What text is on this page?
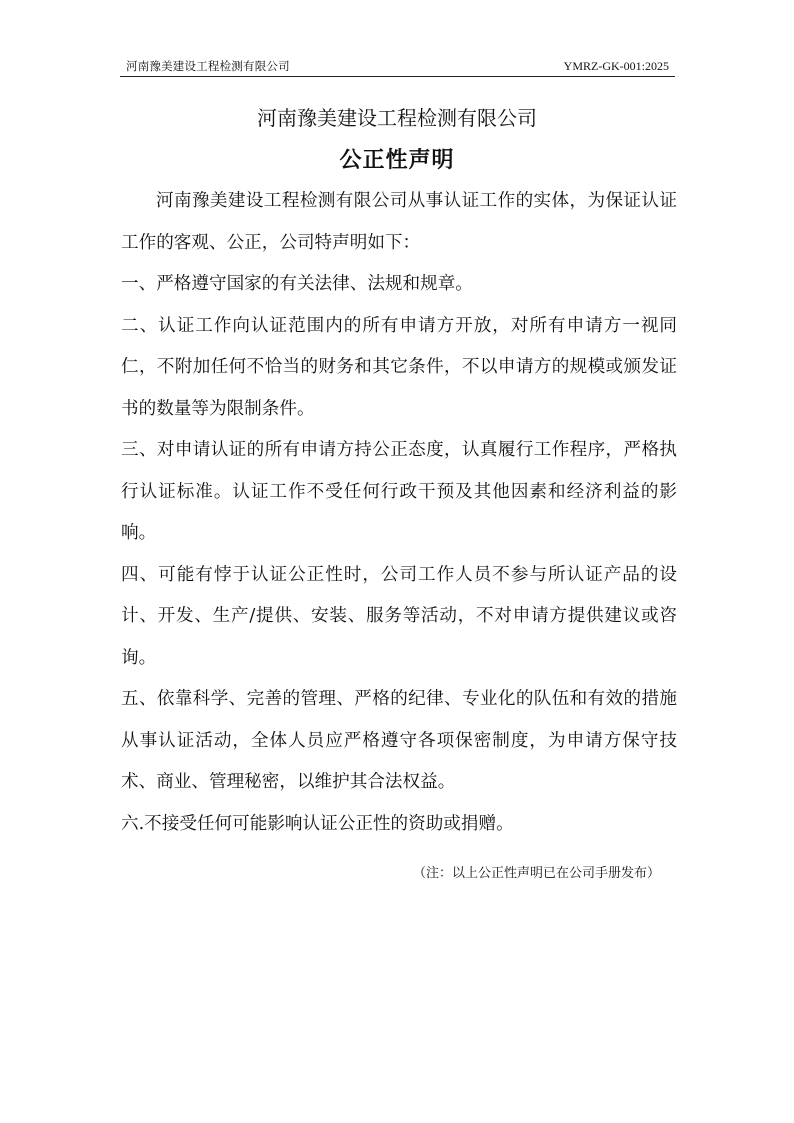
河南豫美建设工程检测有限公司	YMRZ-GK-001:2025
河南豫美建设工程检测有限公司
公正性声明

河南豫美建设工程检测有限公司从事认证工作的实体，为保证认证工作的客观、公正，公司特声明如下：

一、严格遵守国家的有关法律、法规和规章。

二、认证工作向认证范围内的所有申请方开放，对所有申请方一视同仁，不附加任何不恰当的财务和其它条件，不以申请方的规模或颁发证书的数量等为限制条件。

三、对申请认证的所有申请方持公正态度，认真履行工作程序，严格执行认证标准。认证工作不受任何行政干预及其他因素和经济利益的影响。

四、可能有悖于认证公正性时，公司工作人员不参与所认证产品的设计、开发、生产/提供、安装、服务等活动，不对申请方提供建议或咨询。

五、依靠科学、完善的管理、严格的纪律、专业化的队伍和有效的措施从事认证活动，全体人员应严格遵守各项保密制度，为申请方保守技术、商业、管理秘密，以维护其合法权益。

六.不接受任何可能影响认证公正性的资助或捐赠。

（注：以上公正性声明已在公司手册发布）
